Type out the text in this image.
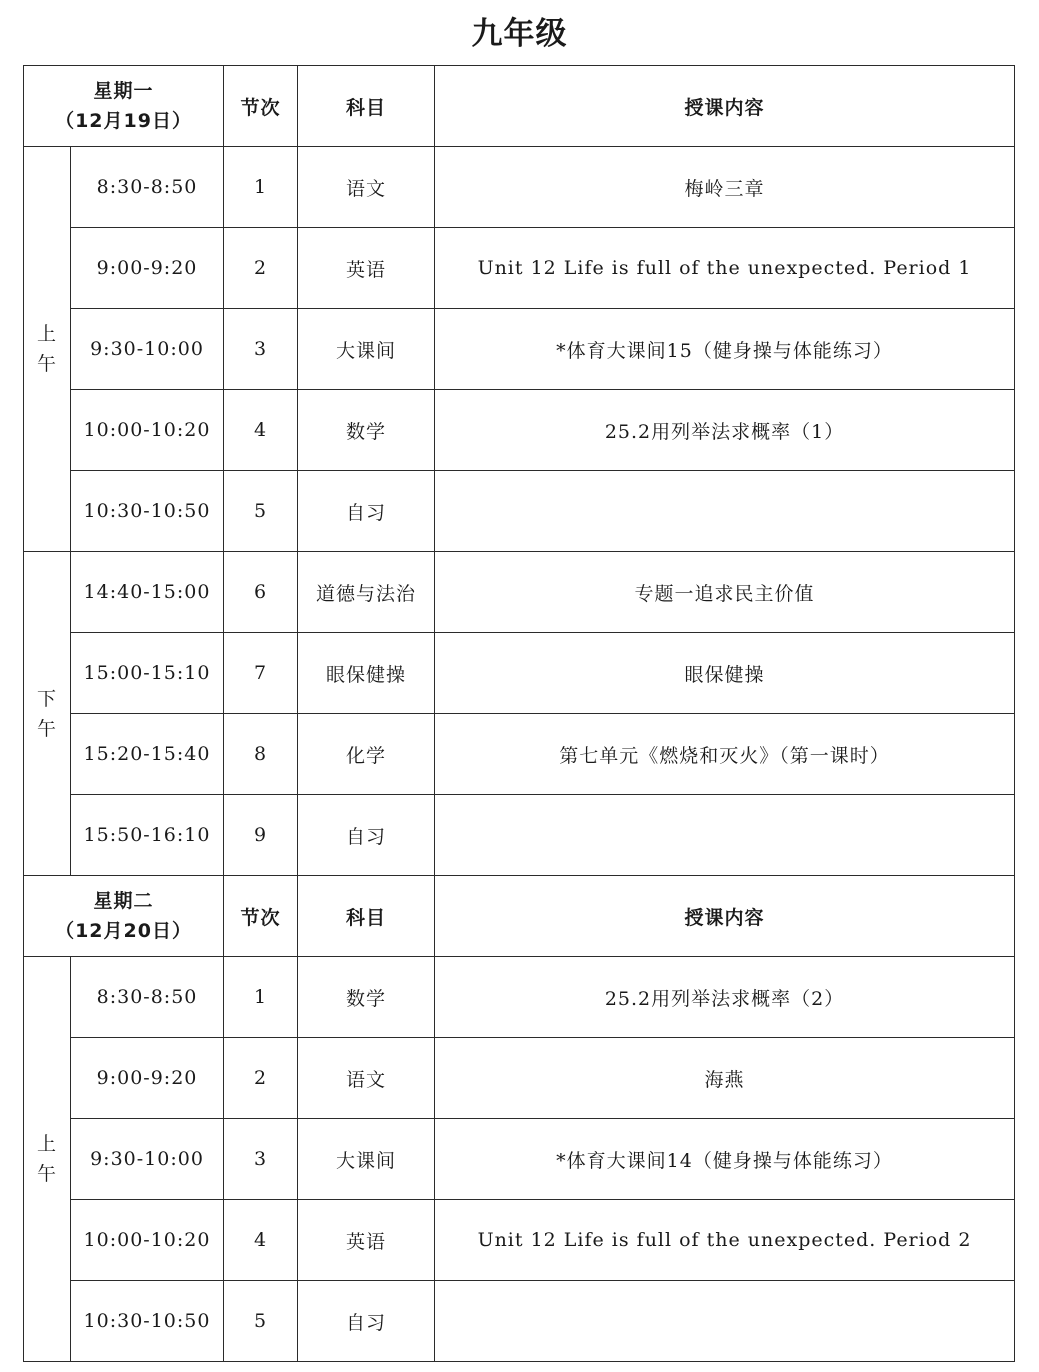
九年级
星期一
（12月19日）		节次	科目	授课内容

上
午	8:30-8:50	1	语文	梅岭三章
	9:00-9:20	2	英语	Unit 12 Life is full of the unexpected. Period 1
	9:30-10:00	3	大课间	*体育大课间15（健身操与体能练习）
	10:00-10:20	4	数学	25.2用列举法求概率（1）
	10:30-10:50	5	自习	

下
午	14:40-15:00	6	道德与法治	专题一追求民主价值
	15:00-15:10	7	眼保健操	眼保健操
	15:20-15:40	8	化学	第七单元《燃烧和灭火》（第一课时）
	15:50-16:10	9	自习	

星期二
（12月20日）		节次	科目	授课内容

上
午	8:30-8:50	1	数学	25.2用列举法求概率（2）
	9:00-9:20	2	语文	海燕
	9:30-10:00	3	大课间	*体育大课间14（健身操与体能练习）
	10:00-10:20	4	英语	Unit 12 Life is full of the unexpected. Period 2
	10:30-10:50	5	自习	
